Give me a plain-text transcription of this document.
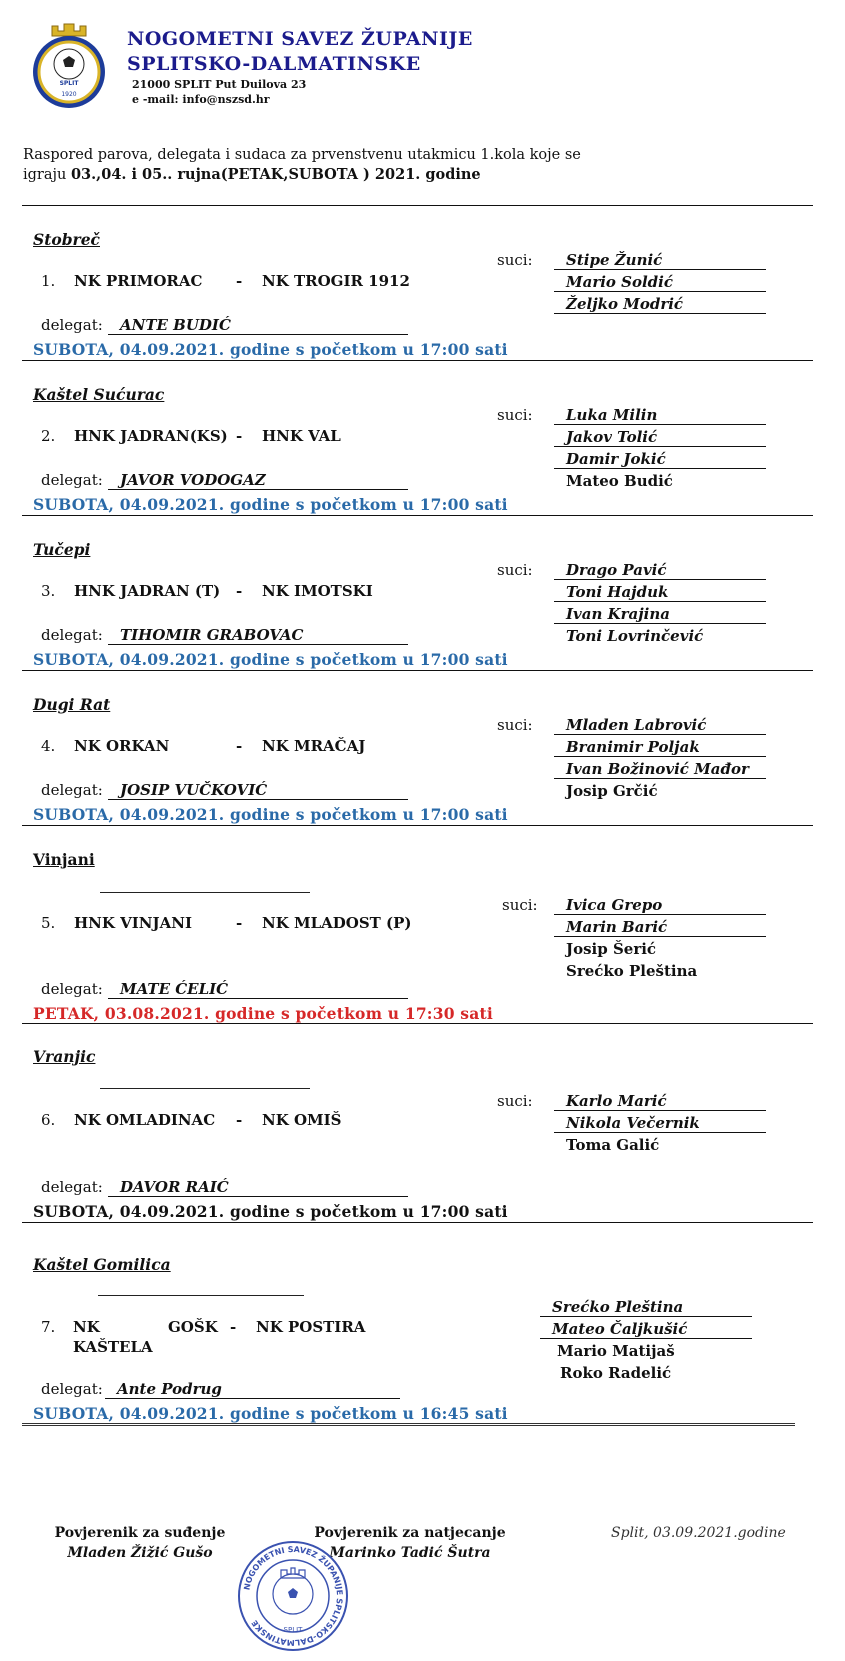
SPLIT
1920
NOGOMETNI SAVEZ ŽUPANIJE
SPLITSKO-DALMATINSKE
21000 SPLIT Put Duilova 23
e -mail: info@nszsd.hr
Raspored parova, delegata i sudaca za prvenstvenu utakmicu 1.kola koje se
igraju 03.,04. i 05.. rujna(PETAK,SUBOTA ) 2021. godine
Stobreč
suci:	Stipe Žunić
Mario Soldić
Željko Modrić
1. NK PRIMORAC - NK TROGIR 1912
delegat:	ANTE BUDIĆ
SUBOTA, 04.09.2021. godine s početkom u 17:00 sati
Kaštel Sućurac
suci:	Luka Milin
Jakov Tolić
Damir Jokić
Mateo Budić
2. HNK JADRAN(KS) - HNK VAL
delegat:	JAVOR VODOGAZ
SUBOTA, 04.09.2021. godine s početkom u 17:00 sati
Tučepi
suci:	Drago Pavić
Toni Hajduk
Ivan Krajina
Toni Lovrinčević
3. HNK JADRAN (T) - NK IMOTSKI
delegat:	TIHOMIR GRABOVAC
SUBOTA, 04.09.2021. godine s početkom u 17:00 sati
Dugi Rat
suci:	Mladen Labrović
Branimir Poljak
Ivan Božinović Mađor
Josip Grčić
4. NK ORKAN	- NK MRAČAJ
delegat:	JOSIP VUČKOVIĆ
SUBOTA, 04.09.2021. godine s početkom u 17:00 sati
Vinjani
suci:	Ivica Grepo
Marin Barić
Josip Šerić
Srećko Pleština
5. HNK VINJANI	- NK MLADOST (P)
delegat:	MATE ĆELIĆ
PETAK, 03.08.2021. godine s početkom u 17:30 sati
Vranjic
suci:	Karlo Marić
Nikola Večernik
Toma Galić
6. NK OMLADINAC - NK OMIŠ
delegat:	DAVOR RAIĆ
SUBOTA, 04.09.2021. godine s početkom u 17:00 sati
Kaštel Gomilica
Srećko Pleština
Mateo Čaljkušić
Mario Matijaš
Roko Radelić
7. NK	GOŠK
KAŠTELA
- NK POSTIRA
delegat: Ante Podrug
SUBOTA, 04.09.2021. godine s početkom u 16:45 sati
Povjerenik za suđenje
Mladen Žižić Gušo
Povjerenik za natjecanje
Marinko Tadić Šutra
Split, 03.09.2021.godine
NOGOMETNI SAVEZ ŽUPANIJE SPLITSKO-DALMATINSKE
SPLIT
